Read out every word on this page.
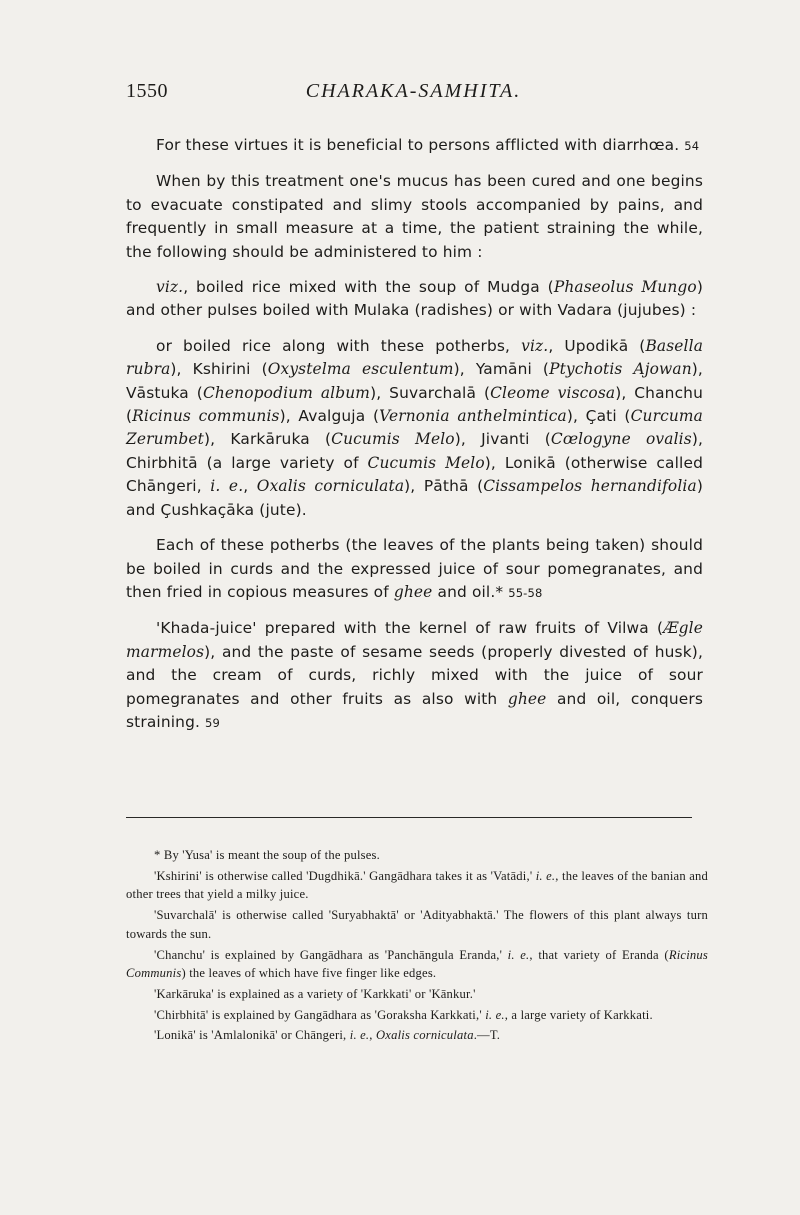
1550	CHARAKA-SAMHITA.

For these virtues it is beneficial to persons afflicted with diarrhœa. 54

When by this treatment one's mucus has been cured and one begins to evacuate constipated and slimy stools accompanied by pains, and frequently in small measure at a time, the patient straining the while, the following should be administered to him :

viz., boiled rice mixed with the soup of Mudga (Phaseolus Mungo) and other pulses boiled with Mulaka (radishes) or with Vadara (jujubes) :

or boiled rice along with these potherbs, viz., Upodikā (Basella rubra), Kshirini (Oxystelma esculentum), Yamāni (Ptychotis Ajowan), Vāstuka (Chenopodium album), Suvarchalā (Cleome viscosa), Chanchu (Ricinus communis), Avalguja (Vernonia anthelmintica), Çati (Curcuma Zerumbet), Karkāruka (Cucumis Melo), Jivanti (Cœlogyne ovalis), Chirbhitā (a large variety of Cucumis Melo), Lonikā (otherwise called Chāngeri, i. e., Oxalis corniculata), Pāthā (Cissampelos hernandifolia) and Çushkaçāka (jute).

Each of these potherbs (the leaves of the plants being taken) should be boiled in curds and the expressed juice of sour pomegranates, and then fried in copious measures of ghee and oil.* 55-58

'Khada-juice' prepared with the kernel of raw fruits of Vilwa (Ægle marmelos), and the paste of sesame seeds (properly divested of husk), and the cream of curds, richly mixed with the juice of sour pomegranates and other fruits as also with ghee and oil, conquers straining. 59

* By 'Yusa' is meant the soup of the pulses.

'Kshirini' is otherwise called 'Dugdhikā.' Gangādhara takes it as 'Vatādi,' i. e., the leaves of the banian and other trees that yield a milky juice.

'Suvarchalā' is otherwise called 'Suryabhaktā' or 'Adityabhaktā.' The flowers of this plant always turn towards the sun.

'Chanchu' is explained by Gangādhara as 'Panchāngula Eranda,' i. e., that variety of Eranda (Ricinus Communis) the leaves of which have five finger like edges.

'Karkāruka' is explained as a variety of 'Karkkati' or 'Kānkur.'

'Chirbhitā' is explained by Gangādhara as 'Goraksha Karkkati,' i. e., a large variety of Karkkati.

'Lonikā' is 'Amlalonikā' or Chāngeri, i. e., Oxalis corniculata.—T.
